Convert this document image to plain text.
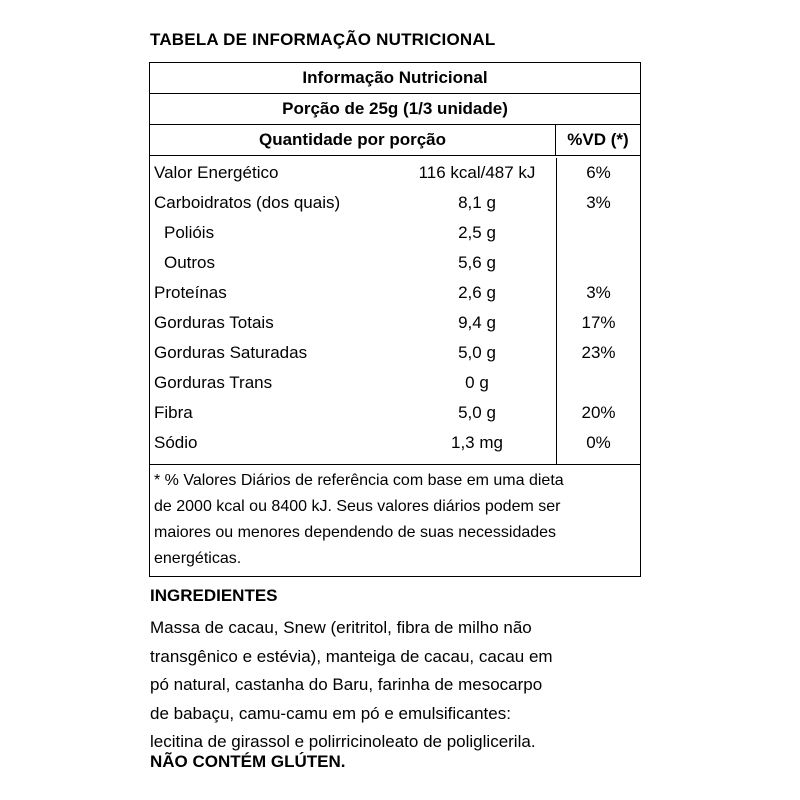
TABELA DE INFORMAÇÃO NUTRICIONAL
Informação Nutricional
Porção de 25g (1/3 unidade)
Quantidade por porção	%VD (*)
Valor Energético	116 kcal/487 kJ	6%
Carboidratos (dos quais)	8,1 g	3%
Polióis	2,5 g
Outros	5,6 g
Proteínas	2,6 g	3%
Gorduras Totais	9,4 g	17%
Gorduras Saturadas	5,0 g	23%
Gorduras Trans	0 g
Fibra	5,0 g	20%
Sódio	1,3 mg	0%
* % Valores Diários de referência com base em uma dieta
de 2000 kcal ou 8400 kJ. Seus valores diários podem ser
maiores ou menores dependendo de suas necessidades
energéticas.
INGREDIENTES
Massa de cacau, Snew (eritritol, fibra de milho não
transgênico e estévia), manteiga de cacau, cacau em
pó natural, castanha do Baru, farinha de mesocarpo
de babaçu, camu-camu em pó e emulsificantes:
lecitina de girassol e polirricinoleato de poliglicerila.
NÃO CONTÉM GLÚTEN.
